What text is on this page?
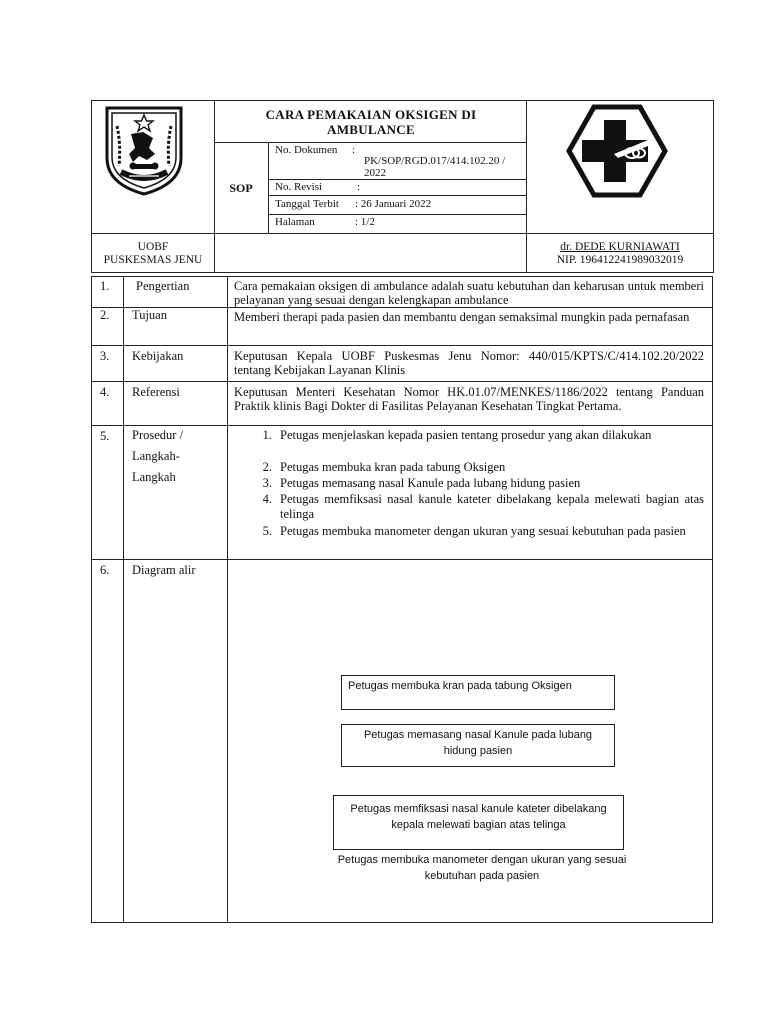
CARA PEMAKAIAN OKSIGEN DI AMBULANCE
SOP
No. Dokumen :
PK/SOP/RGD.017/414.102.20 / 2022
No. Revisi	:
Tanggal Terbit : 26 Januari 2022
Halaman	: 1/2
UOBF
PUSKESMAS JENU
dr. DEDE KURNIAWATI
NIP. 196412241989032019
1. Pengertian	Cara pemakaian oksigen di ambulance adalah suatu kebutuhan dan keharusan untuk memberi pelayanan yang sesuai dengan kelengkapan ambulance
2. Tujuan	Memberi therapi pada pasien dan membantu dengan semaksimal mungkin pada pernafasan
3. Kebijakan	Keputusan Kepala UOBF Puskesmas Jenu Nomor: 440/015/KPTS/C/414.102.20/2022 tentang Kebijakan Layanan Klinis
4. Referensi	Keputusan Menteri Kesehatan Nomor HK.01.07/MENKES/1186/2022 tentang Panduan Praktik klinis Bagi Dokter di Fasilitas Pelayanan Kesehatan Tingkat Pertama.
5. Prosedur /
Langkah-
Langkah
1. Petugas menjelaskan kepada pasien tentang prosedur yang akan dilakukan
2. Petugas membuka kran pada tabung Oksigen
3. Petugas memasang nasal Kanule pada lubang hidung pasien
4. Petugas memfiksasi nasal kanule kateter dibelakang kepala melewati bagian atas telinga
5. Petugas membuka manometer dengan ukuran yang sesuai kebutuhan pada pasien
6. Diagram alir
Petugas membuka kran pada tabung Oksigen
Petugas memasang nasal Kanule pada lubang hidung pasien
Petugas memfiksasi nasal kanule kateter dibelakang kepala melewati bagian atas telinga
Petugas membuka manometer dengan ukuran yang sesuai kebutuhan pada pasien
